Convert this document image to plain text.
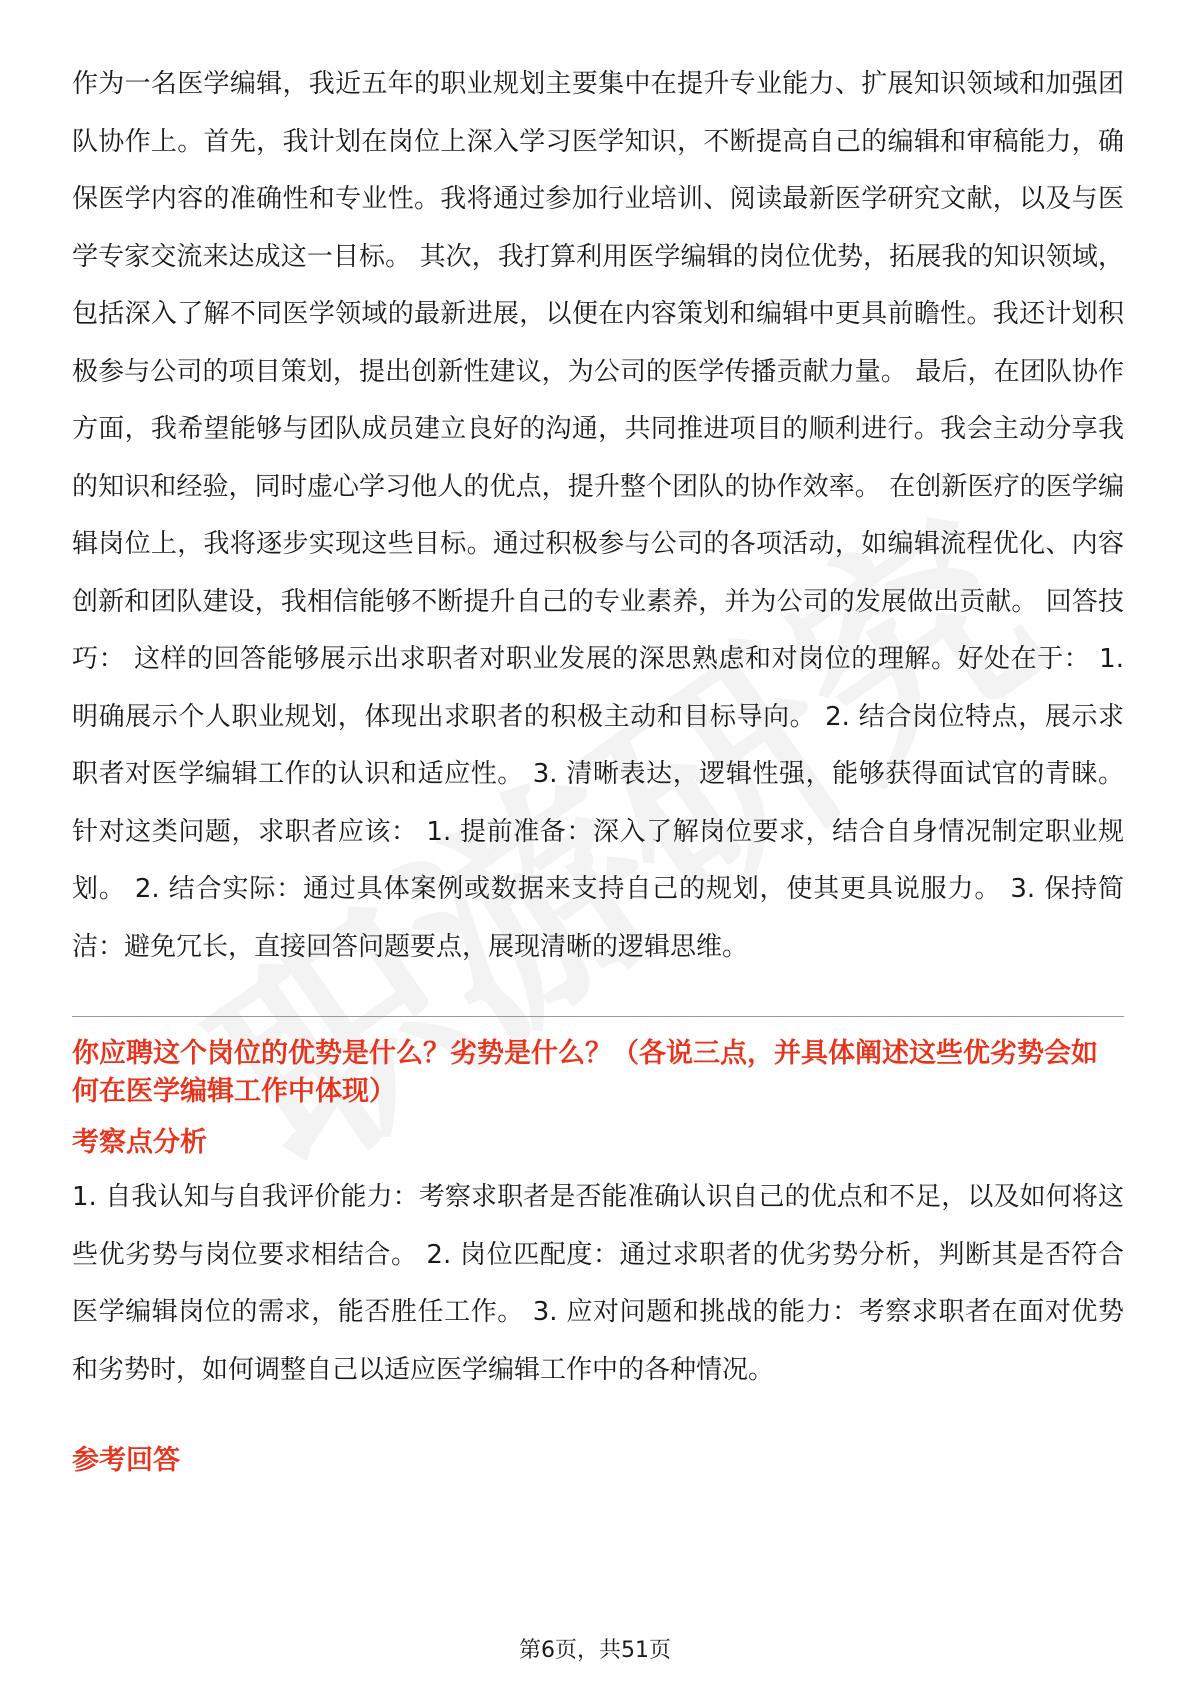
作为一名医学编辑，我近五年的职业规划主要集中在提升专业能力、扩展知识领域和加强团队协作上。首先，我计划在岗位上深入学习医学知识，不断提高自己的编辑和审稿能力，确保医学内容的准确性和专业性。我将通过参加行业培训、阅读最新医学研究文献，以及与医学专家交流来达成这一目标。 其次，我打算利用医学编辑的岗位优势，拓展我的知识领域，包括深入了解不同医学领域的最新进展，以便在内容策划和编辑中更具前瞻性。我还计划积极参与公司的项目策划，提出创新性建议，为公司的医学传播贡献力量。 最后，在团队协作方面，我希望能够与团队成员建立良好的沟通，共同推进项目的顺利进行。我会主动分享我的知识和经验，同时虚心学习他人的优点，提升整个团队的协作效率。 在创新医疗的医学编辑岗位上，我将逐步实现这些目标。通过积极参与公司的各项活动，如编辑流程优化、内容创新和团队建设，我相信能够不断提升自己的专业素养，并为公司的发展做出贡献。 回答技巧： 这样的回答能够展示出求职者对职业发展的深思熟虑和对岗位的理解。好处在于： 1. 明确展示个人职业规划，体现出求职者的积极主动和目标导向。 2. 结合岗位特点，展示求职者对医学编辑工作的认识和适应性。 3. 清晰表达，逻辑性强，能够获得面试官的青睐。 针对这类问题，求职者应该： 1. 提前准备：深入了解岗位要求，结合自身情况制定职业规划。 2. 结合实际：通过具体案例或数据来支持自己的规划，使其更具说服力。 3. 保持简洁：避免冗长，直接回答问题要点，展现清晰的逻辑思维。

你应聘这个岗位的优势是什么？劣势是什么？（各说三点，并具体阐述这些优劣势会如何在医学编辑工作中体现）
考察点分析

1. 自我认知与自我评价能力：考察求职者是否能准确认识自己的优点和不足，以及如何将这些优劣势与岗位要求相结合。 2. 岗位匹配度：通过求职者的优劣势分析，判断其是否符合医学编辑岗位的需求，能否胜任工作。 3. 应对问题和挑战的能力：考察求职者在面对优势和劣势时，如何调整自己以适应医学编辑工作中的各种情况。

参考回答
第6页，共51页
